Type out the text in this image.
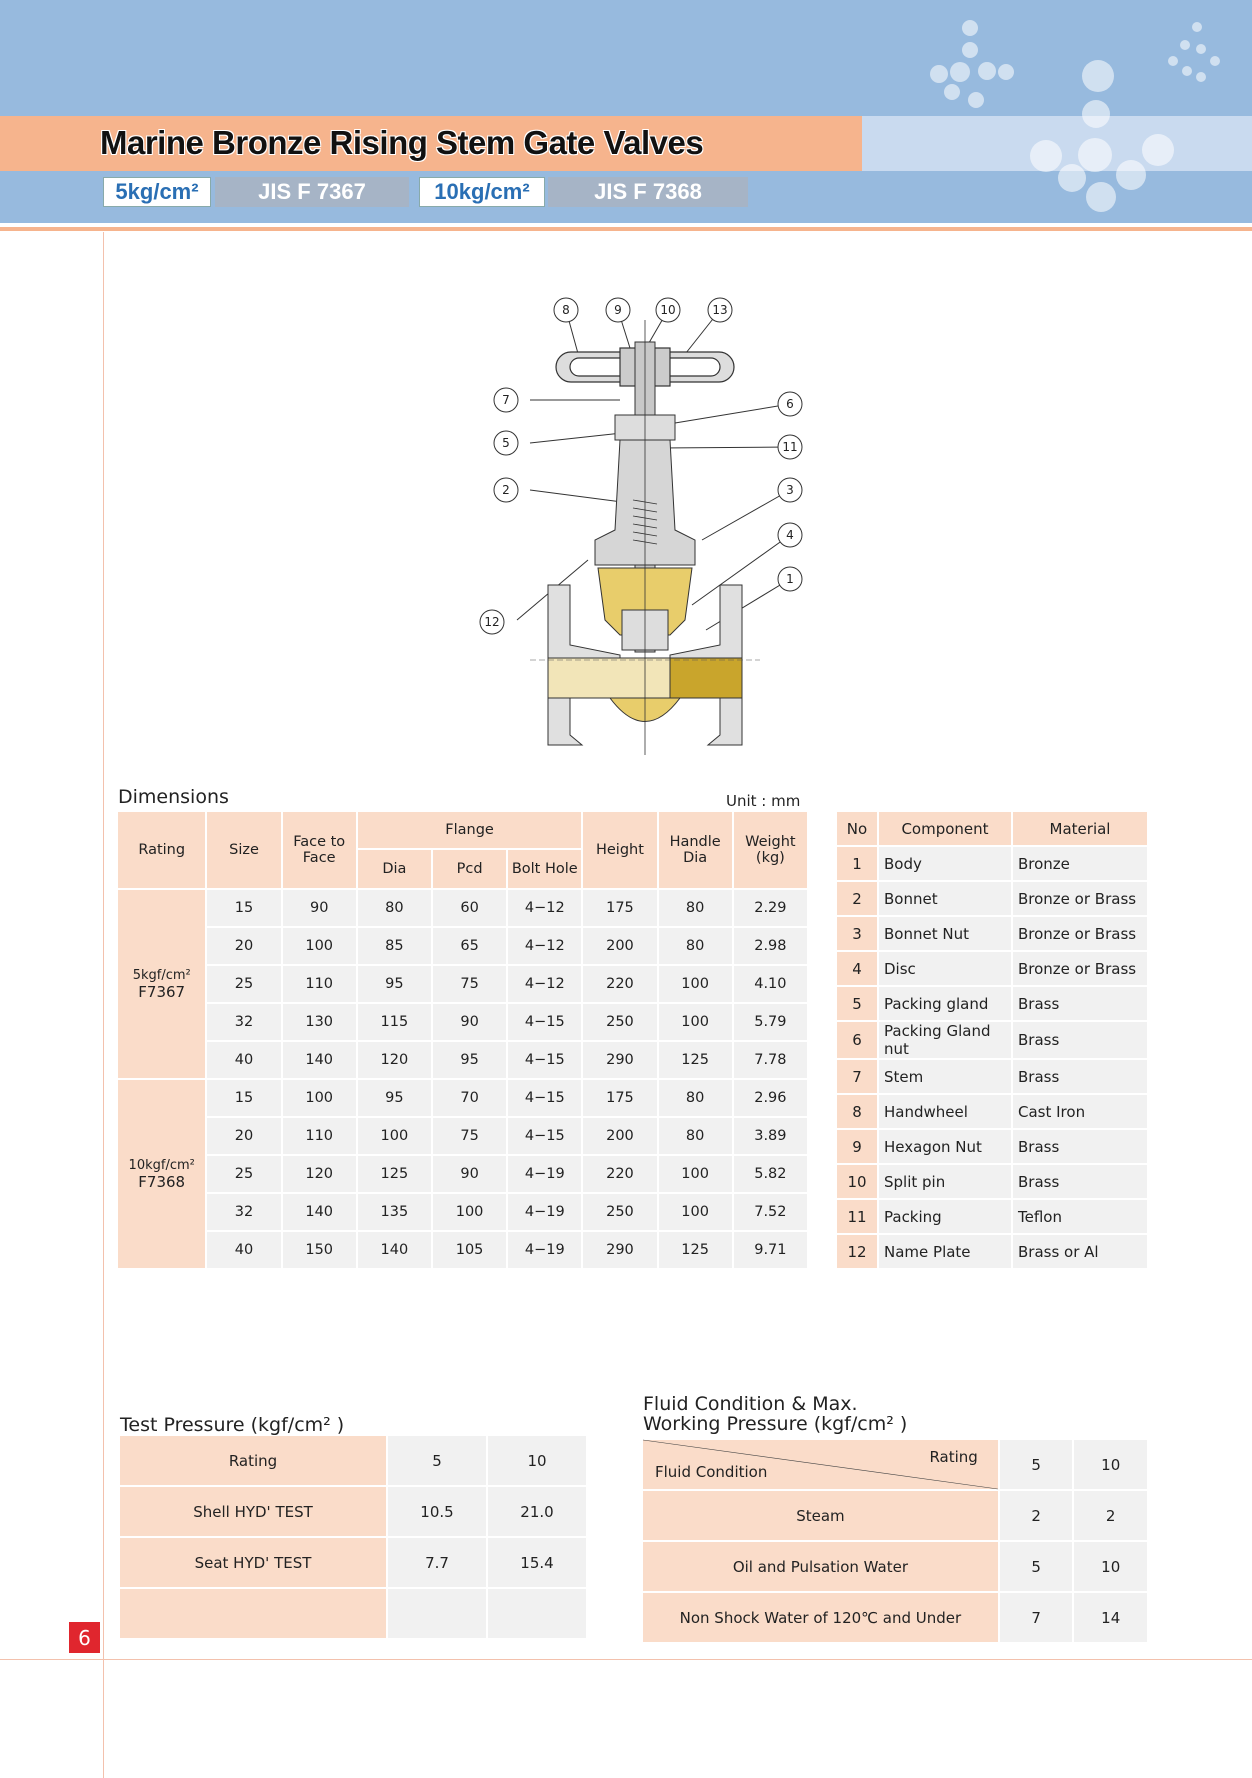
Marine Bronze Rising Stem Gate Valves
5kg/cm²	JIS F 7367	10kg/cm²	JIS F 7368
6
8	9	10	13
7	6
5	11
2	3
4
1
12
Dimensions	Unit : mm
Rating	Size	Face to Face	Flange			Height	Handle Dia	Weight (kg)
			Dia	Pcd	Bolt Hole			

5kgf/cm²
F7367	15	90	80	60	4−12	175	80	2.29
	20	100	85	65	4−12	200	80	2.98
	25	110	95	75	4−12	220	100	4.10
	32	130	115	90	4−15	250	100	5.79
	40	140	120	95	4−15	290	125	7.78

10kgf/cm²
F7368	15	100	95	70	4−15	175	80	2.96
	20	110	100	75	4−15	200	80	3.89
	25	120	125	90	4−19	220	100	5.82
	32	140	135	100	4−19	250	100	7.52
	40	150	140	105	4−19	290	125	9.71
No	Component	Material
1	Body	Bronze
2	Bonnet	Bronze or Brass
3	Bonnet Nut	Bronze or Brass
4	Disc	Bronze or Brass
5	Packing gland	Brass
6	Packing Gland nut	Brass
7	Stem	Brass
8	Handwheel	Cast Iron
9	Hexagon Nut	Brass
10	Split pin	Brass
11	Packing	Teflon
12	Name Plate	Brass or Al
Test Pressure (kgf/cm² )
Rating	5	10
Shell HYD' TEST	10.5	21.0
Seat HYD' TEST	7.7	15.4

Fluid Condition & Max.
Working Pressure (kgf/cm² )
Rating
Fluid Condition	5	10
Steam	2	2
Oil and Pulsation Water	5	10
Non Shock Water of 120℃ and Under	7	14
